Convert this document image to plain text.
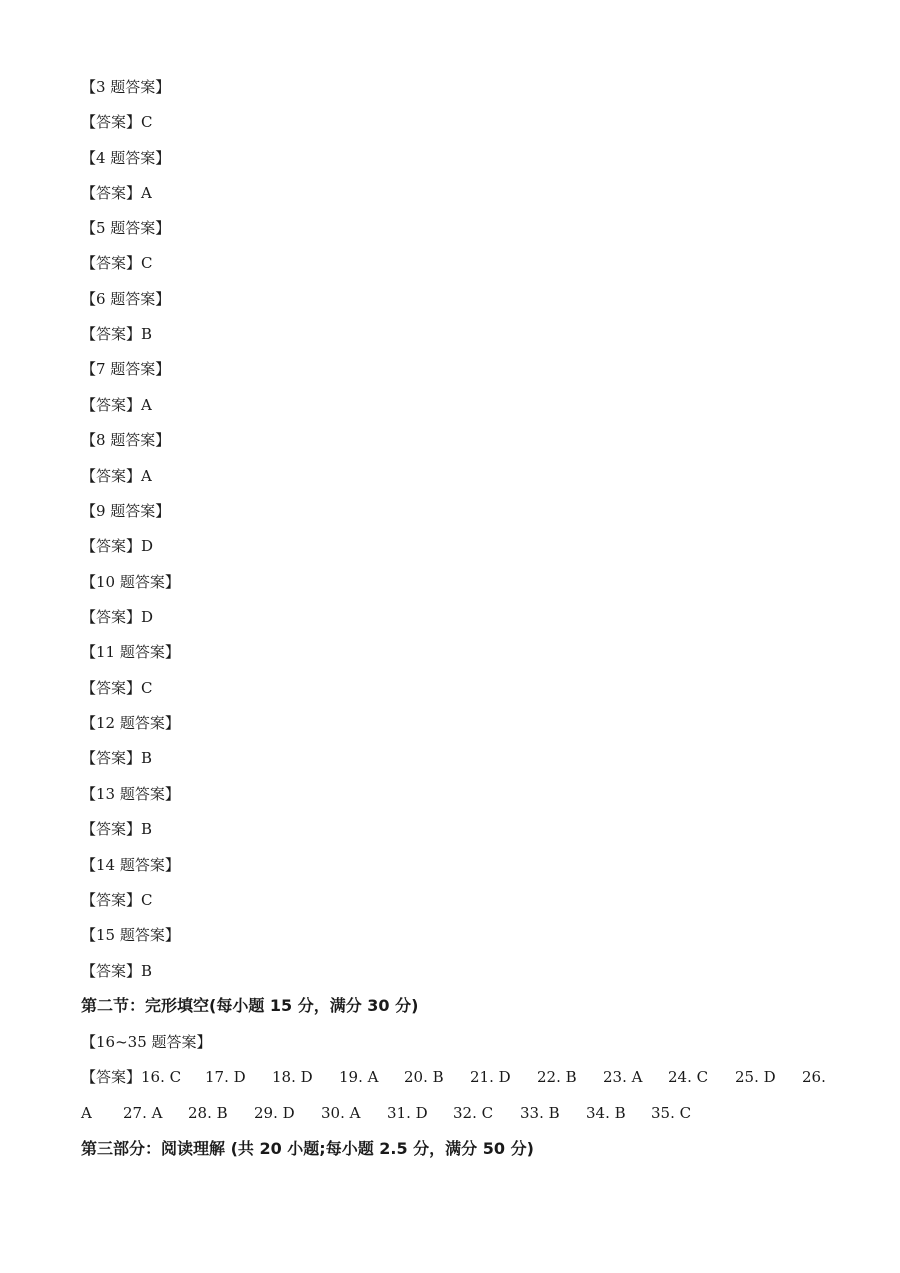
【3 题答案】
【答案】C
【4 题答案】
【答案】A
【5 题答案】
【答案】C
【6 题答案】
【答案】B
【7 题答案】
【答案】A
【8 题答案】
【答案】A
【9 题答案】
【答案】D
【10 题答案】
【答案】D
【11 题答案】
【答案】C
【12 题答案】
【答案】B
【13 题答案】
【答案】B
【14 题答案】
【答案】C
【15 题答案】
【答案】B
第二节：完形填空(每小题 15 分，满分 30 分)
【16~35 题答案】
【答案】16. C 17. D 18. D 19. A 20. B 21. D 22. B 23. A 24. C 25. D 26.
A 27. A 28. B 29. D 30. A 31. D 32. C 33. B 34. B 35. C
第三部分：阅读理解 (共 20 小题;每小题 2.5 分，满分 50 分)
